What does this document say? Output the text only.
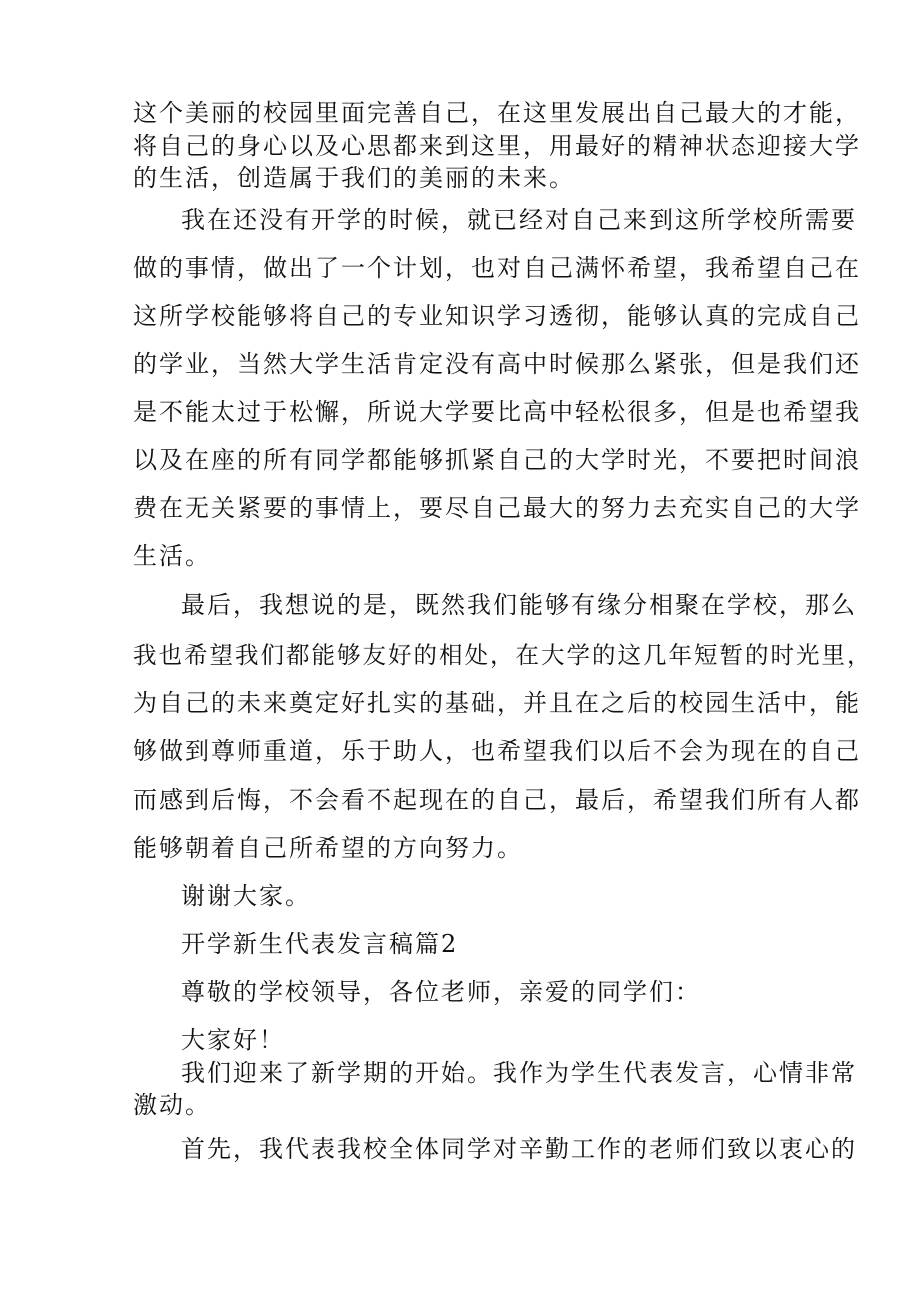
这个美丽的校园里面完善自己，在这里发展出自己最大的才能，
将自己的身心以及心思都来到这里，用最好的精神状态迎接大学
的生活，创造属于我们的美丽的未来。
我在还没有开学的时候，就已经对自己来到这所学校所需要
做的事情，做出了一个计划，也对自己满怀希望，我希望自己在
这所学校能够将自己的专业知识学习透彻，能够认真的完成自己
的学业，当然大学生活肯定没有高中时候那么紧张，但是我们还
是不能太过于松懈，所说大学要比高中轻松很多，但是也希望我
以及在座的所有同学都能够抓紧自己的大学时光，不要把时间浪
费在无关紧要的事情上，要尽自己最大的努力去充实自己的大学
生活。
最后，我想说的是，既然我们能够有缘分相聚在学校，那么
我也希望我们都能够友好的相处，在大学的这几年短暂的时光里，
为自己的未来奠定好扎实的基础，并且在之后的校园生活中，能
够做到尊师重道，乐于助人，也希望我们以后不会为现在的自己
而感到后悔，不会看不起现在的自己，最后，希望我们所有人都
能够朝着自己所希望的方向努力。
谢谢大家。
开学新生代表发言稿篇2
尊敬的学校领导，各位老师，亲爱的同学们：
大家好！
我们迎来了新学期的开始。我作为学生代表发言，心情非常
激动。
首先，我代表我校全体同学对辛勤工作的老师们致以衷心的
